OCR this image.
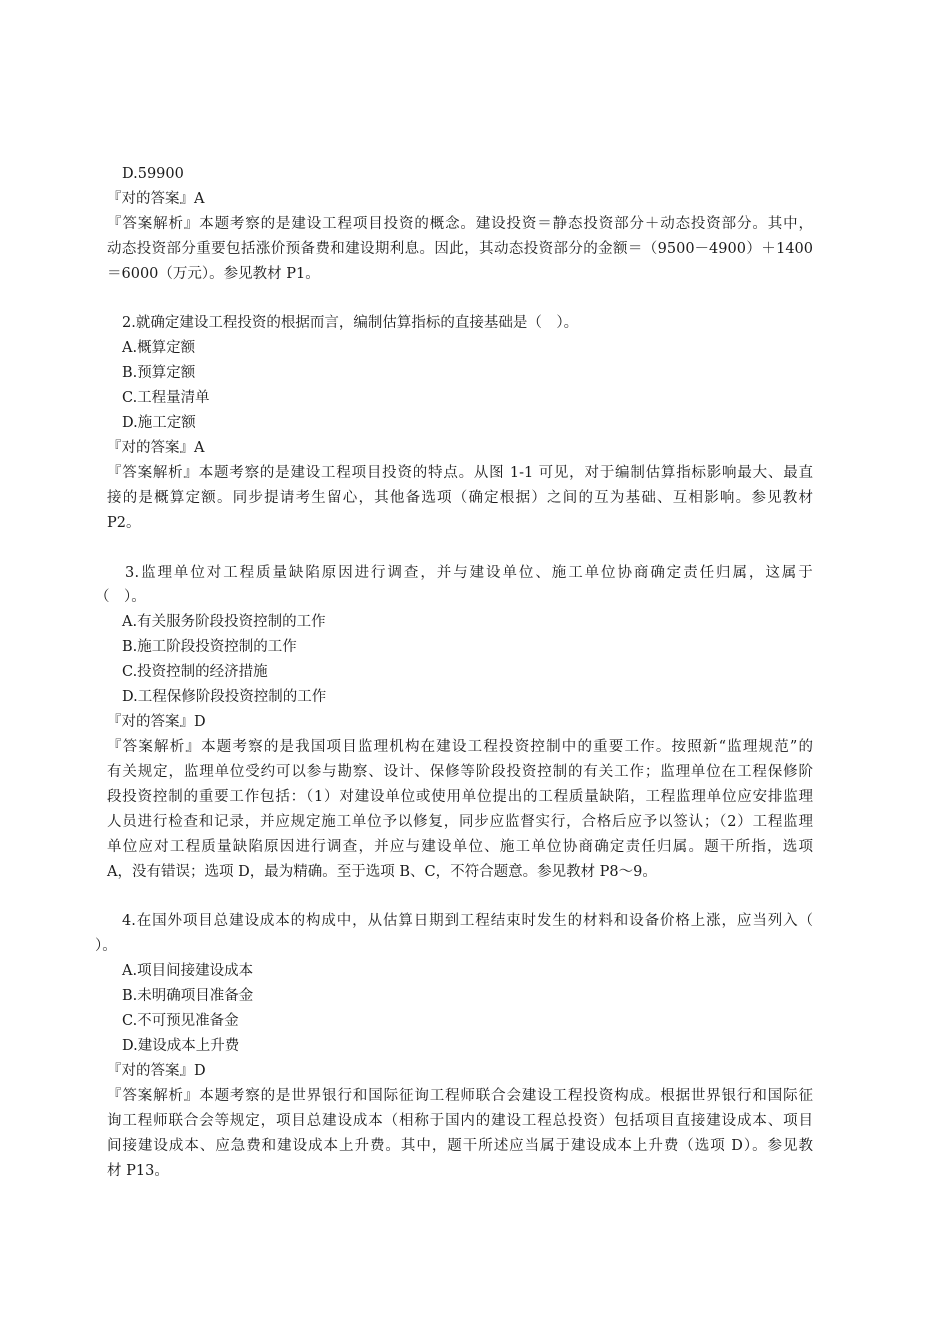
D.59900
『对的答案』A
『答案解析』本题考察的是建设工程项目投资的概念。建设投资＝静态投资部分＋动态投资部分。其中，
动态投资部分重要包括涨价预备费和建设期利息。因此，其动态投资部分的金额＝（9500－4900）＋1400
＝6000（万元）。参见教材 P1。
2.就确定建设工程投资的根据而言，编制估算指标的直接基础是（　）。
A.概算定额
B.预算定额
C.工程量清单
D.施工定额
『对的答案』A
『答案解析』本题考察的是建设工程项目投资的特点。从图 1-1 可见，对于编制估算指标影响最大、最直
接的是概算定额。同步提请考生留心，其他备选项（确定根据）之间的互为基础、互相影响。参见教材
P2。
3.监理单位对工程质量缺陷原因进行调查，并与建设单位、施工单位协商确定责任归属，这属于
（　）。
A.有关服务阶段投资控制的工作
B.施工阶段投资控制的工作
C.投资控制的经济措施
D.工程保修阶段投资控制的工作
『对的答案』D
『答案解析』本题考察的是我国项目监理机构在建设工程投资控制中的重要工作。按照新“监理规范”的
有关规定，监理单位受约可以参与勘察、设计、保修等阶段投资控制的有关工作；监理单位在工程保修阶
段投资控制的重要工作包括：（1）对建设单位或使用单位提出的工程质量缺陷，工程监理单位应安排监理
人员进行检查和记录，并应规定施工单位予以修复，同步应监督实行，合格后应予以签认；（2）工程监理
单位应对工程质量缺陷原因进行调查，并应与建设单位、施工单位协商确定责任归属。题干所指，选项
A，没有错误；选项 D，最为精确。至于选项 B、C，不符合题意。参见教材 P8～9。
4.在国外项目总建设成本的构成中，从估算日期到工程结束时发生的材料和设备价格上涨，应当列入（
）。
A.项目间接建设成本
B.未明确项目准备金
C.不可预见准备金
D.建设成本上升费
『对的答案』D
『答案解析』本题考察的是世界银行和国际征询工程师联合会建设工程投资构成。根据世界银行和国际征
询工程师联合会等规定，项目总建设成本（相称于国内的建设工程总投资）包括项目直接建设成本、项目
间接建设成本、应急费和建设成本上升费。其中，题干所述应当属于建设成本上升费（选项 D）。参见教
材 P13。
